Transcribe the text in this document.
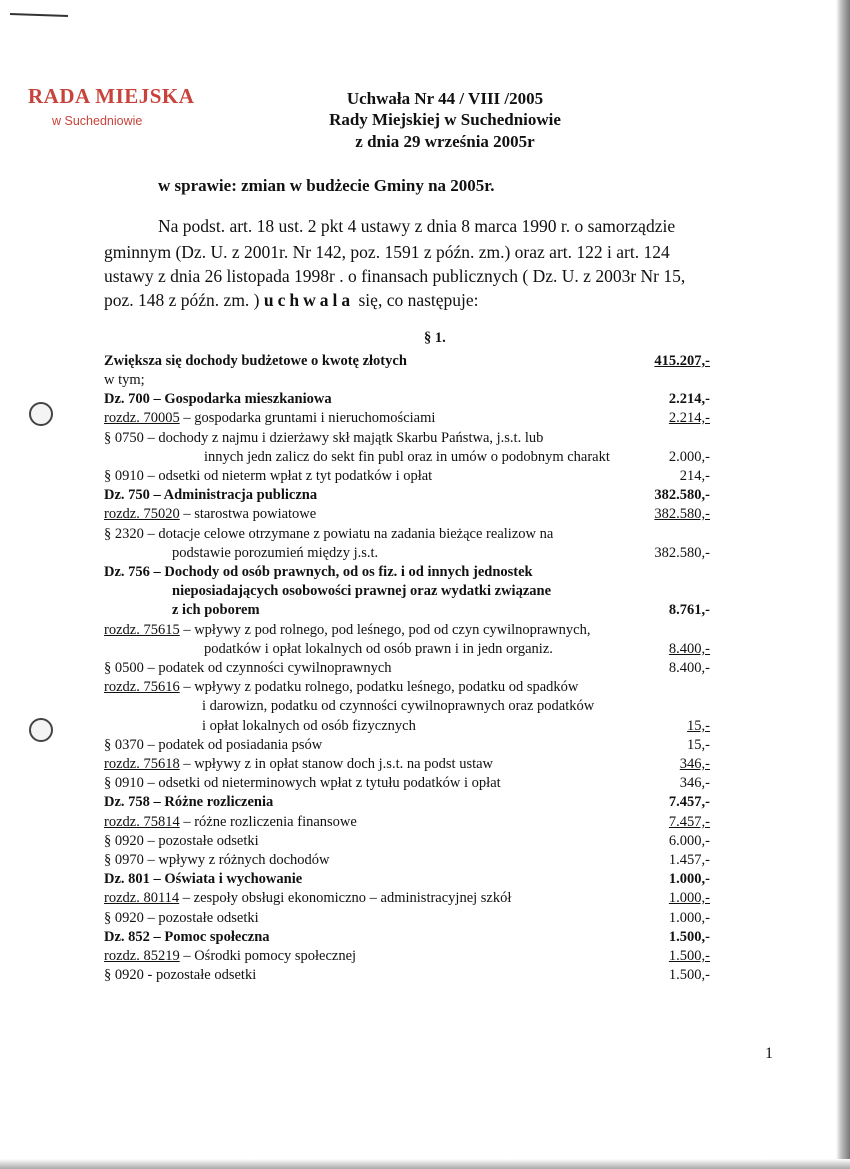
RADA MIEJSKA
w Suchedniowie
Uchwała Nr 44 / VIII /2005
Rady Miejskiej w Suchedniowie
z dnia 29 września 2005r
w sprawie: zmian w budżecie Gminy na 2005r.
Na podst. art. 18 ust. 2 pkt 4 ustawy z dnia 8 marca 1990 r. o samorządzie
gminnym (Dz. U. z 2001r. Nr 142, poz. 1591 z późn. zm.) oraz art. 122 i art. 124
ustawy z dnia 26 listopada 1998r . o finansach publicznych ( Dz. U. z 2003r Nr 15,
poz. 148 z późn. zm. ) uchwala się, co następuje:
§ 1.
Zwiększa się dochody budżetowe o kwotę złotych	415.207,-
w tym;
Dz. 700 – Gospodarka mieszkaniowa	2.214,-
rozdz. 70005 – gospodarka gruntami i nieruchomościami	2.214,-
§ 0750 – dochody z najmu i dzierżawy skł majątk Skarbu Państwa, j.s.t. lub
innych jedn zalicz do sekt fin publ oraz in umów o podobnym charakt	2.000,-
§ 0910 – odsetki od nieterm wpłat z tyt podatków i opłat	214,-
Dz. 750 – Administracja publiczna	382.580,-
rozdz. 75020 – starostwa powiatowe	382.580,-
§ 2320 – dotacje celowe otrzymane z powiatu na zadania bieżące realizow na
podstawie porozumień między j.s.t.	382.580,-
Dz. 756 – Dochody od osób prawnych, od os fiz. i od innych jednostek
nieposiadających osobowości prawnej oraz wydatki związane
z ich poborem	8.761,-
rozdz. 75615 – wpływy z pod rolnego, pod leśnego, pod od czyn cywilnoprawnych,
podatków i opłat lokalnych od osób prawn i in jedn organiz.	8.400,-
§ 0500 – podatek od czynności cywilnoprawnych	8.400,-
rozdz. 75616 – wpływy z podatku rolnego, podatku leśnego, podatku od spadków
i darowizn, podatku od czynności cywilnoprawnych oraz podatków
i opłat lokalnych od osób fizycznych	15,-
§ 0370 – podatek od posiadania psów	15,-
rozdz. 75618 – wpływy z in opłat stanow doch j.s.t. na podst ustaw	346,-
§ 0910 – odsetki od nieterminowych wpłat z tytułu podatków i opłat	346,-
Dz. 758 – Różne rozliczenia	7.457,-
rozdz. 75814 – różne rozliczenia finansowe	7.457,-
§ 0920 – pozostałe odsetki	6.000,-
§ 0970 – wpływy z różnych dochodów	1.457,-
Dz. 801 – Oświata i wychowanie	1.000,-
rozdz. 80114 – zespoły obsługi ekonomiczno – administracyjnej szkół	1.000,-
§ 0920 – pozostałe odsetki	1.000,-
Dz. 852 – Pomoc społeczna	1.500,-
rozdz. 85219 – Ośrodki pomocy społecznej	1.500,-
§ 0920 - pozostałe odsetki	1.500,-
1
